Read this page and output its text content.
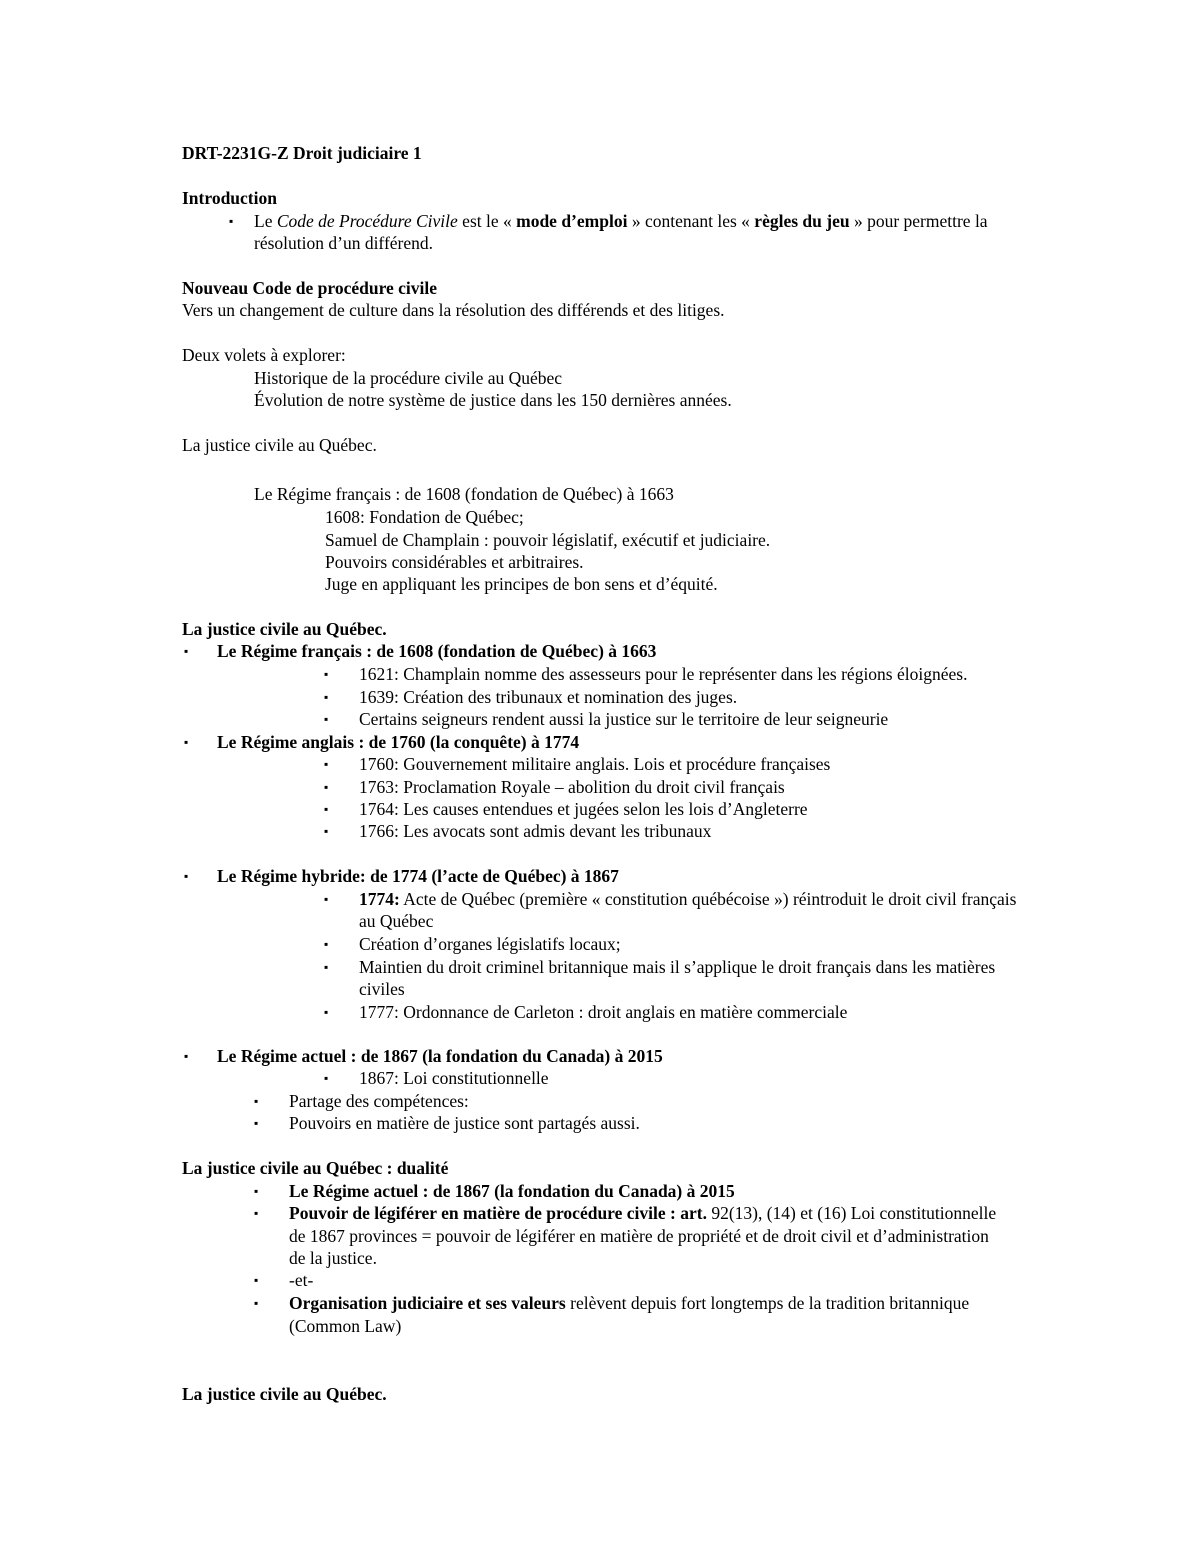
DRT-2231G-Z Droit judiciaire 1
Introduction
▪ Le Code de Procédure Civile est le « mode d’emploi » contenant les « règles du jeu » pour permettre la
résolution d’un différend.
Nouveau Code de procédure civile
Vers un changement de culture dans la résolution des différends et des litiges.
Deux volets à explorer:
Historique de la procédure civile au Québec
Évolution de notre système de justice dans les 150 dernières années.
La justice civile au Québec.
Le Régime français : de 1608 (fondation de Québec) à 1663
1608: Fondation de Québec;
Samuel de Champlain : pouvoir législatif, exécutif et judiciaire.
Pouvoirs considérables et arbitraires.
Juge en appliquant les principes de bon sens et d’équité.
La justice civile au Québec.
▪ Le Régime français : de 1608 (fondation de Québec) à 1663
▪ 1621: Champlain nomme des assesseurs pour le représenter dans les régions éloignées.
▪ 1639: Création des tribunaux et nomination des juges.
▪ Certains seigneurs rendent aussi la justice sur le territoire de leur seigneurie
▪ Le Régime anglais : de 1760 (la conquête) à 1774
▪ 1760: Gouvernement militaire anglais. Lois et procédure françaises
▪ 1763: Proclamation Royale – abolition du droit civil français
▪ 1764: Les causes entendues et jugées selon les lois d’Angleterre
▪ 1766: Les avocats sont admis devant les tribunaux
▪ Le Régime hybride: de 1774 (l’acte de Québec) à 1867
▪ 1774: Acte de Québec (première « constitution québécoise ») réintroduit le droit civil français
au Québec
▪ Création d’organes législatifs locaux;
▪ Maintien du droit criminel britannique mais il s’applique le droit français dans les matières
civiles
▪ 1777: Ordonnance de Carleton : droit anglais en matière commerciale
▪ Le Régime actuel : de 1867 (la fondation du Canada) à 2015
▪ 1867: Loi constitutionnelle
▪ Partage des compétences:
▪ Pouvoirs en matière de justice sont partagés aussi.
La justice civile au Québec : dualité
▪ Le Régime actuel : de 1867 (la fondation du Canada) à 2015
▪ Pouvoir de légiférer en matière de procédure civile : art. 92(13), (14) et (16) Loi constitutionnelle
de 1867 provinces = pouvoir de légiférer en matière de propriété et de droit civil et d’administration
de la justice.
▪ -et-
▪ Organisation judiciaire et ses valeurs relèvent depuis fort longtemps de la tradition britannique
(Common Law)
La justice civile au Québec.
